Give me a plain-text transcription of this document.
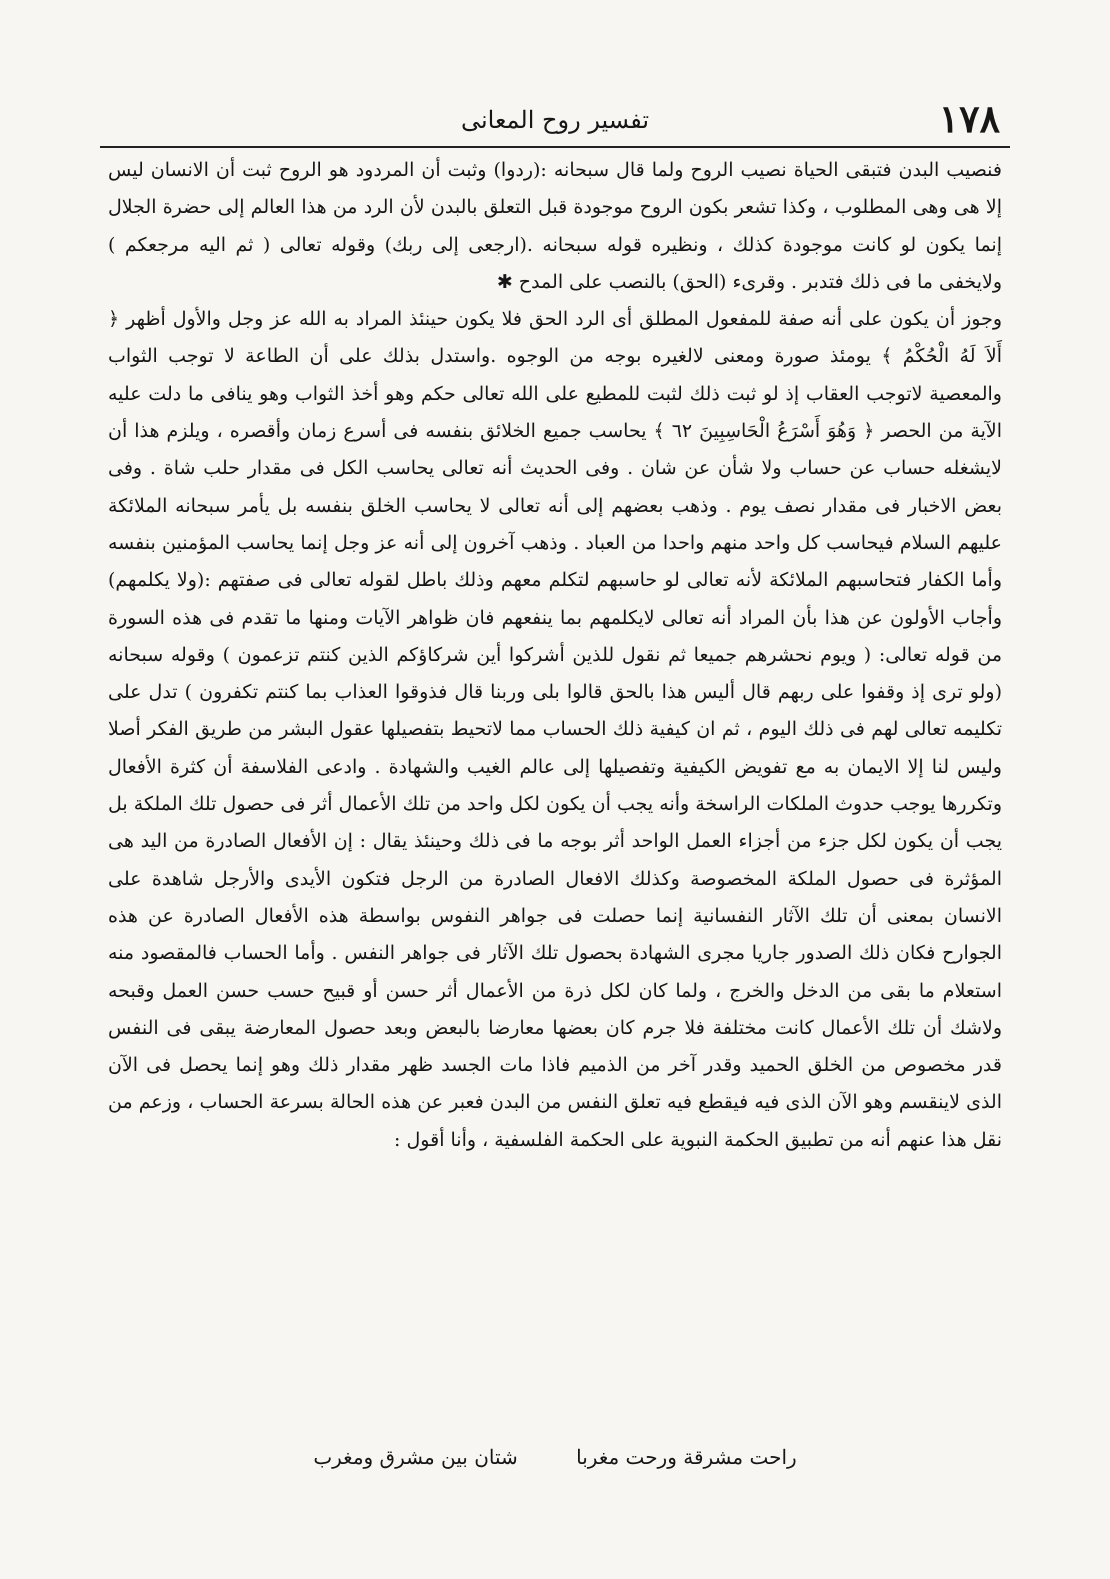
١٧٨
تفسير روح المعانى

فنصيب البدن فتبقى الحياة نصيب الروح ولما قال سبحانه :(ردوا) وثبت أن المردود هو الروح ثبت أن الانسان ليس إلا هى وهى المطلوب ، وكذا تشعر بكون الروح موجودة قبل التعلق بالبدن لأن الرد من هذا العالم إلى حضرة الجلال إنما يكون لو كانت موجودة كذلك ، ونظيره قوله سبحانه .(ارجعى إلى ربك) وقوله تعالى ( ثم اليه مرجعكم ) ولايخفى ما فى ذلك فتدبر . وقرىء (الحق) بالنصب على المدح ✱

وجوز أن يكون على أنه صفة للمفعول المطلق أى الرد الحق فلا يكون حينئذ المراد به الله عز وجل والأول أظهر ﴿ أَلاَ لَهُ الْحُكْمُ ﴾ يومئذ صورة ومعنى لالغيره بوجه من الوجوه .واستدل بذلك على أن الطاعة لا توجب الثواب والمعصية لاتوجب العقاب إذ لو ثبت ذلك لثبت للمطيع على الله تعالى حكم وهو أخذ الثواب وهو ينافى ما دلت عليه الآية من الحصر ﴿ وَهُوَ أَسْرَعُ الْحَاسِبِينَ ٦٢ ﴾ يحاسب جميع الخلائق بنفسه فى أسرع زمان وأقصره ، ويلزم هذا أن لايشغله حساب عن حساب ولا شأن عن شان . وفى الحديث أنه تعالى يحاسب الكل فى مقدار حلب شاة . وفى بعض الاخبار فى مقدار نصف يوم . وذهب بعضهم إلى أنه تعالى لا يحاسب الخلق بنفسه بل يأمر سبحانه الملائكة عليهم السلام فيحاسب كل واحد منهم واحدا من العباد . وذهب آخرون إلى أنه عز وجل إنما يحاسب المؤمنين بنفسه وأما الكفار فتحاسبهم الملائكة لأنه تعالى لو حاسبهم لتكلم معهم وذلك باطل لقوله تعالى فى صفتهم :(ولا يكلمهم) وأجاب الأولون عن هذا بأن المراد أنه تعالى لايكلمهم بما ينفعهم فان ظواهر الآيات ومنها ما تقدم فى هذه السورة من قوله تعالى: ( ويوم نحشرهم جميعا ثم نقول للذين أشركوا أين شركاؤكم الذين كنتم تزعمون ) وقوله سبحانه (ولو ترى إذ وقفوا على ربهم قال أليس هذا بالحق قالوا بلى وربنا قال فذوقوا العذاب بما كنتم تكفرون ) تدل على تكليمه تعالى لهم فى ذلك اليوم ، ثم ان كيفية ذلك الحساب مما لاتحيط بتفصيلها عقول البشر من طريق الفكر أصلا وليس لنا إلا الايمان به مع تفويض الكيفية وتفصيلها إلى عالم الغيب والشهادة . وادعى الفلاسفة أن كثرة الأفعال وتكررها يوجب حدوث الملكات الراسخة وأنه يجب أن يكون لكل واحد من تلك الأعمال أثر فى حصول تلك الملكة بل يجب أن يكون لكل جزء من أجزاء العمل الواحد أثر بوجه ما فى ذلك وحينئذ يقال : إن الأفعال الصادرة من اليد هى المؤثرة فى حصول الملكة المخصوصة وكذلك الافعال الصادرة من الرجل فتكون الأيدى والأرجل شاهدة على الانسان بمعنى أن تلك الآثار النفسانية إنما حصلت فى جواهر النفوس بواسطة هذه الأفعال الصادرة عن هذه الجوارح فكان ذلك الصدور جاريا مجرى الشهادة بحصول تلك الآثار فى جواهر النفس . وأما الحساب فالمقصود منه استعلام ما بقى من الدخل والخرج ، ولما كان لكل ذرة من الأعمال أثر حسن أو قبيح حسب حسن العمل وقبحه ولاشك أن تلك الأعمال كانت مختلفة فلا جرم كان بعضها معارضا بالبعض وبعد حصول المعارضة يبقى فى النفس قدر مخصوص من الخلق الحميد وقدر آخر من الذميم فاذا مات الجسد ظهر مقدار ذلك وهو إنما يحصل فى الآن الذى لاينقسم وهو الآن الذى فيه فيقطع فيه تعلق النفس من البدن فعبر عن هذه الحالة بسرعة الحساب ، وزعم من نقل هذا عنهم أنه من تطبيق الحكمة النبوية على الحكمة الفلسفية ، وأنا أقول :

راحت مشرقة ورحت مغربا شتان بين مشرق ومغرب
